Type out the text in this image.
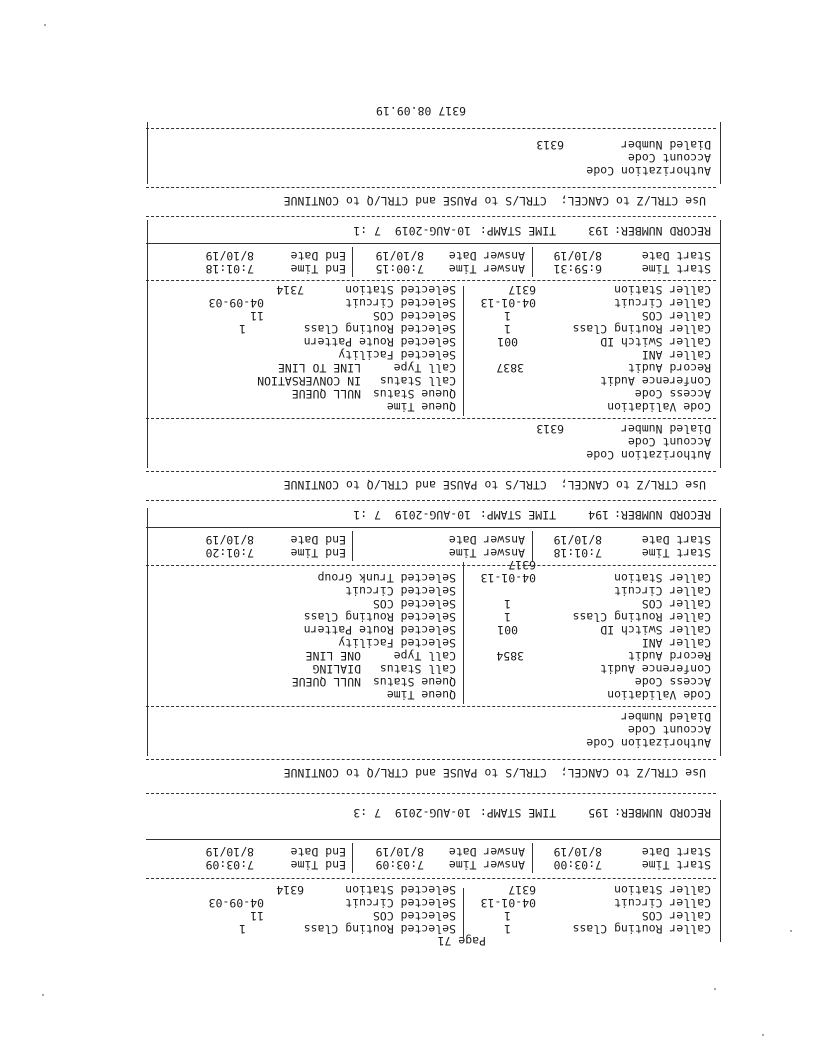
Page 71
Caller Routing Class
1
Caller COS
1
Caller Circuit
04-01-13
Caller Station
6317
Selected Routing Class
1
Selected COS
11
Selected Circuit
04-09-03
Selected Station
6314
Start Time
7:03:00
Start Date
8/10/19
Answer Time
7:03:09
Answer Date
8/10/19
End Time
7:03:09
End Date
8/10/19
RECORD NUMBER:
195
TIME STAMP:
10-AUG-2019  7 :3
Use CTRL/Z to CANCEL;  CTRL/S to PAUSE and CTRL/Q to CONTINUE
Authorization Code
Account Code
Dialed Number
Code Validation
Access Code
Conference Audit
Record Audit
3854
Caller ANI
Caller Switch ID
001
Caller Routing Class
1
Caller COS
1
Caller Circuit
Caller Station
04-01-13
6317
Queue Time
Queue Status
NULL QUEUE
Call Status
DIALING
Call Type
ONE LINE
Selected Facility
Selected Route Pattern
Selected Routing Class
Selected COS
Selected Circuit
Selected Trunk Group
Start Time
7:01:18
Start Date
8/10/19
Answer Time
Answer Date
End Time
7:01:20
End Date
8/10/19
RECORD NUMBER:
194
TIME STAMP:
10-AUG-2019  7 :1
Use CTRL/Z to CANCEL;  CTRL/S to PAUSE and CTRL/Q to CONTINUE
Authorization Code
Account Code
Dialed Number
6313
Code Validation
Access Code
Conference Audit
Record Audit
3837
Caller ANI
Caller Switch ID
001
Caller Routing Class
1
Caller COS
1
Caller Circuit
04-01-13
Caller Station
6317
Queue Time
Queue Status
NULL QUEUE
Call Status
IN CONVERSATION
Call Type
LINE TO LINE
Selected Facility
Selected Route Pattern
Selected Routing Class
1
Selected COS
11
Selected Circuit
04-09-03
Selected Station
7314
Start Time
6:59:31
Start Date
8/10/19
Answer Time
7:00:15
Answer Date
8/10/19
End Time
7:01:18
End Date
8/10/19
RECORD NUMBER:
193
TIME STAMP:
10-AUG-2019  7 :1
Use CTRL/Z to CANCEL;  CTRL/S to PAUSE and CTRL/Q to CONTINUE
Authorization Code
Account Code
Dialed Number
6313
6317 08.09.19
